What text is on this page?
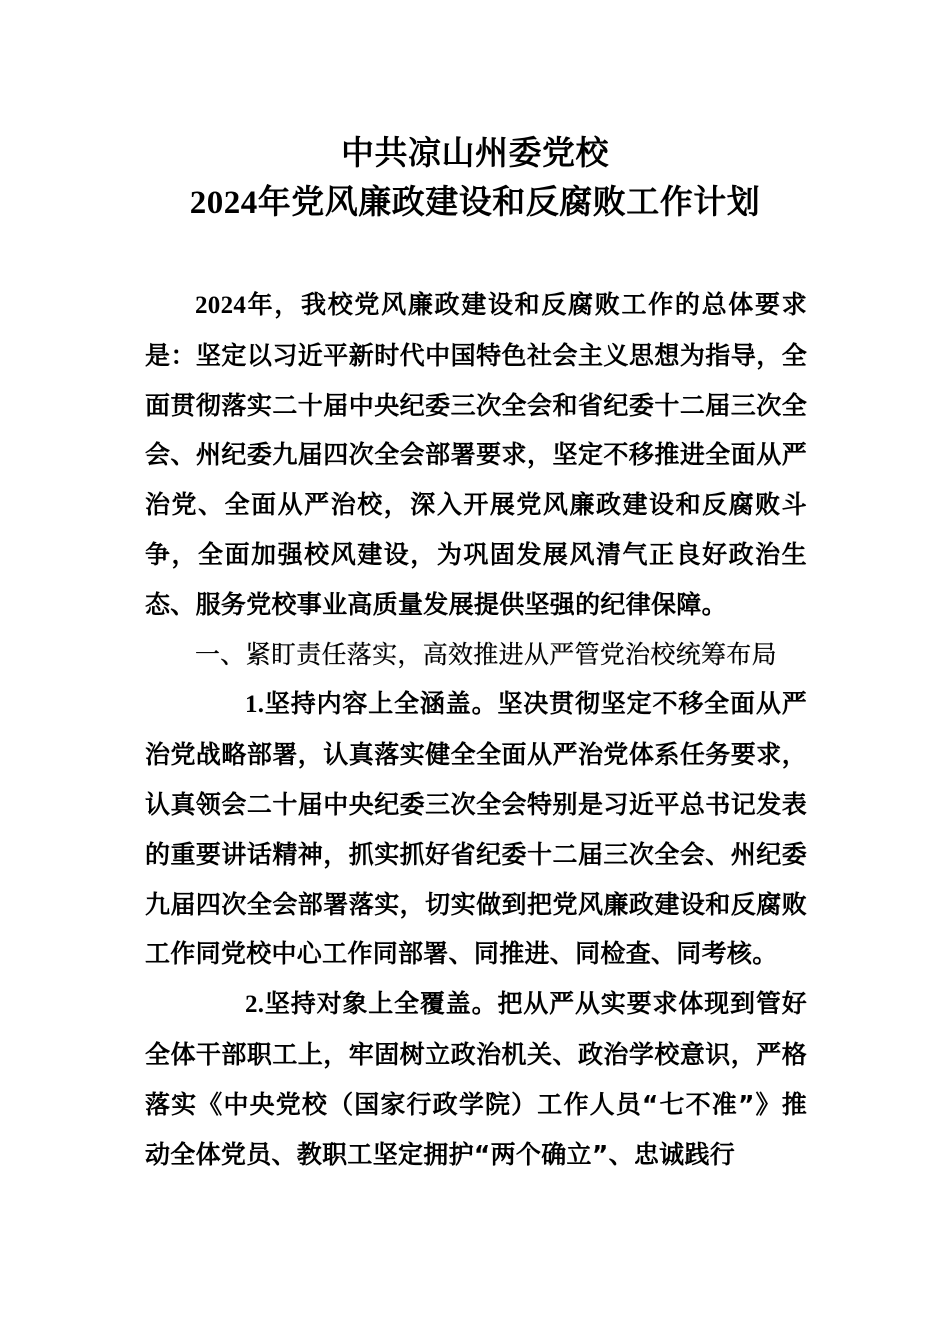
中共凉山州委党校
2024年党风廉政建设和反腐败工作计划

2024年，我校党风廉政建设和反腐败工作的总体要求是：坚定以习近平新时代中国特色社会主义思想为指导，全面贯彻落实二十届中央纪委三次全会和省纪委十二届三次全会、州纪委九届四次全会部署要求，坚定不移推进全面从严治党、全面从严治校，深入开展党风廉政建设和反腐败斗争，全面加强校风建设，为巩固发展风清气正良好政治生态、服务党校事业高质量发展提供坚强的纪律保障。

一、紧盯责任落实，高效推进从严管党治校统筹布局

1.坚持内容上全涵盖。坚决贯彻坚定不移全面从严治党战略部署，认真落实健全全面从严治党体系任务要求，认真领会二十届中央纪委三次全会特别是习近平总书记发表的重要讲话精神，抓实抓好省纪委十二届三次全会、州纪委九届四次全会部署落实，切实做到把党风廉政建设和反腐败工作同党校中心工作同部署、同推进、同检查、同考核。

2.坚持对象上全覆盖。把从严从实要求体现到管好全体干部职工上，牢固树立政治机关、政治学校意识，严格落实《中央党校（国家行政学院）工作人员“七不准”》推动全体党员、教职工坚定拥护“两个确立”、忠诚践行
